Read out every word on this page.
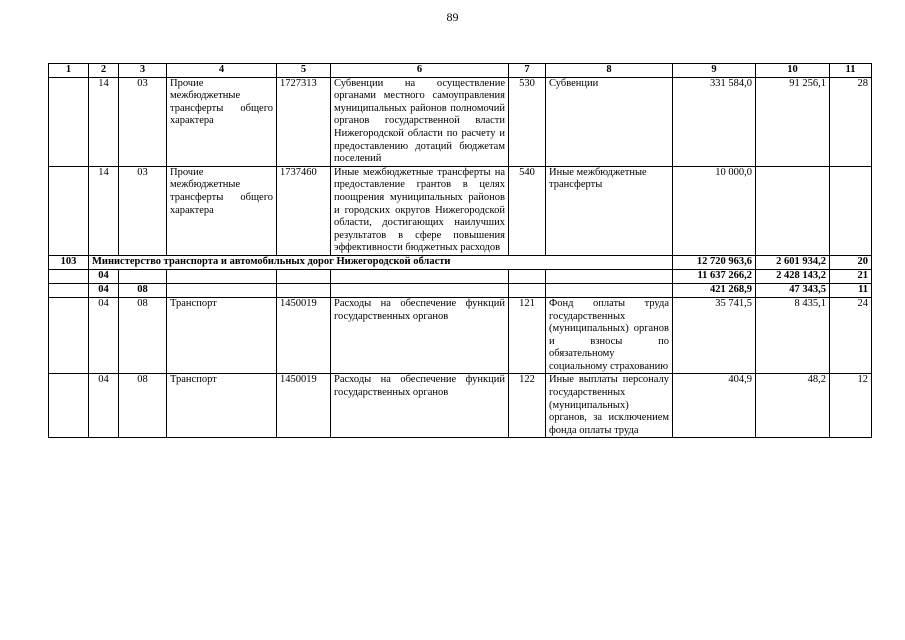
89
1	2	3	4	5	6	7	8	9	10	11
	14	03	Прочие межбюджетные трансферты общего характера	1727313	Субвенции на осуществление органами местного самоуправления муниципальных районов полномочий органов государственной власти Нижегородской области по расчету и предоставлению дотаций бюджетам поселений	530	Субвенции	331 584,0	91 256,1	28
	14	03	Прочие межбюджетные трансферты общего характера	1737460	Иные межбюджетные трансферты на предоставление грантов в целях поощрения муниципальных районов и городских округов Нижегородской области, достигающих наилучших результатов в сфере повышения эффективности бюджетных расходов	540	Иные межбюджетные трансферты	10 000,0		
103	Министерство транспорта и автомобильных дорог Нижегородской области							12 720 963,6	2 601 934,2	20
	04							11 637 266,2	2 428 143,2	21
	04	08						421 268,9	47 343,5	11
	04	08	Транспорт	1450019	Расходы на обеспечение функций государственных органов	121	Фонд оплаты труда государственных (муниципальных) органов и взносы по обязательному социальному страхованию	35 741,5	8 435,1	24
	04	08	Транспорт	1450019	Расходы на обеспечение функций государственных органов	122	Иные выплаты персоналу государственных (муниципальных) органов, за исключением фонда оплаты труда	404,9	48,2	12
